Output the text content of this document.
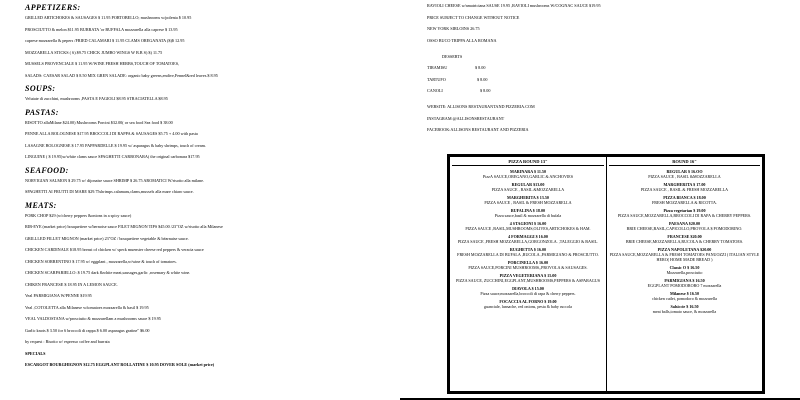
APPETIZERS:

GRILLED ARTICHOKES & SAUSAGES $ 11.95 PORTOBELLO; mushrooms w/polenta $ 10.95

PROSCIUTTO & melon $11.95 BURRATA 'or BUFFALA mozzarella alla caprese $ 13.95

caprese mozzarella & pepers /FRIED CALAMARI $ 11.95 CLAMS OREGANATA ($)$ 12.95

MOZZARELLA STICKS ( 6) $9.75 CHICK JUMBO WINGS W B.B S) $) 11.75

MUSSELS PROVENCIALE $ 11.95 W/WINE FRESH HERBS,TOUCH OF TOMATOES,

SALADS: CAESAR SALAD $ 8.50 MIX GREN SALADE: organic baby greens,endive,Fennel&red leaves.$ 8.95

SOUPS:

Velutate di zucchini, mushrooms ,PASTA E FAGIOLI $8.95 STRACIATELLA $8.95

PASTAS:

RISOTTO allaMilane $24.00) Mushrooms Porcini $32.00( or sea food Sea food $ 38.00

PENNE ALLA BOLOGNESE $17.95 BROCCOLI DI RAPPA & SAUSAGES $5.75 + 4.00 with pasta

LASAGNE BOLOGNESE $ 17.95 PAPPARDELLE $ 19.95 w/ asparagus & baby shrimps, touch of cream.

LINGUINE ( $ 19.95)w/white clams sauce SPAGHETTI CARBONARA( the original carbonara $17.95

SEAFOOD:

NORVIGIAN SALMON $ 29.75 w/ dijonaise sauce SHRIMP $ 26.75 AROMATICI W/risotto alla milane.

SPAGHETTI AI FRUTTI DI MARE $29.75shrimps.calamaru,clams,mussels alla mare chiaro sauce.

MEATS:

PORK CHOP $29 (w/cherry peppers &onions in a spicy sauce)

RIB-EYE (market price) bouquetiere w/bernoise sauce FILET MIGNON TIPS $45.00 /23"OZ w/risotto alla Milanese

GRILLLED FILLET MIGNON (market price) 23"OZ / bouquetiere vegetable & béarnaise sauce.

CHICKEN CARDINALE $18.95 breast of chicken w/ speck muenster cheese red peppers & veracia sauce

CHICKEN SORRENTINO $ 17.95 w/ eggplant , mozzarella,w/wine & touch of tomatoes.

CHICKEN SCARPARIELLO: $ 19.75 dark &white meat,sausages,garlic ,rosemary & white wine.

CHIKEN FRANCESE $ 18.95 IN A LEMON SAUCE.

Veal PARMIGIANA W/PENNE $19.95

Veal ,COTOLETTA alla Milanese w/tomatoes mozzarella & basil $ 19.95

VEAL VALDOSTANA w/prosciutto & mozzarellam a mushrooms sauce $ 19.95

Garlic knots $ 3.50 for 6 broccoli di rappa $ 6.00 asparagus gratine" $6.00

by request : Risotto w/ espresso coffee and burrata

SPECIALS

ESCARGOT BOURGHIGNON $12.75 EGGPLANT ROLLATINE $ 10.95 DOVER SOLE (market price)

RAVIOLI CHEESE w/amatriciana SAUSE 19.95 ,RAVIOLI mushrooms W/COGNAC SAUCE $19.95

PRICE SUBJECT TO CHANGE WITHOUT NOTICE

NEW YORK SIRLOINS 26.75

OSSO BUCO TRIPPA ALLA ROMANA

DESSERTS

TIRAMISU	$ 8.00

TARTUFO	$ 8.00

CANOLI	$ 8.00

WEBSITE: ALLISONS RESTAURANTAND PIZZERIA.COM

INSTAGRAM:@ALLISONSRESTAURANT

FACEBOOK:ALLISONS RESTAURANT AND PIZZERIA

PIZZA ROUND 13"

MARINARA $ 11.50

PizzA SAUCE,OREGANO,GARLIC & ANCHOVIES

REGULAR $13.00

PIZZA SAUCE , BASIL &MOZZARELLA

MARGHERITA $ 13.50

PIZZA SAUCE , BASIL & FRESH MOZZARELLA

BUFALINA $ 18.00

Pizza sauce,basil & mozzarella di bufala

4 STAGIONI $ 16.00

PIZZA SAUCE ,BASIL,MUSHROOMS,OLIVES,ARTICHOKES & HAM.

4 FORMAGGI $ 16.00

PIZZA SAUCE ,FRESH MOZZARELLA,GORGONZOLA. ,TALEGGIO & BASIL.

RUGHETTA $ 16.00

FRESH MOZZARELLA DI BUFALA ,RUCOLA.,PARMIGIANO & PROSCIUTTO.

PORCINELLA $ 16.00

PIZZA SAUCE,PORCINI MUSHROOMS,,PROVOLA & SAUSAGES.

PIZZA VEGETERIANA $ 15.00

PIZZA SAUCE, ZUCCHINI,EGGPLANT,MUSHROOMS,PEPPERS & ASPARAGUS

DIAVOLA $ 15.00

Pizza sauce,mozzarella,broccoli di rapa & cherry peppers.

FOCACCIA AL FORNO $ 19.00

guanciale, lunsache, red onions, pesta & baby ruccola

ROUND 16"

REGULAR $ 16.OO

PIZZA SAUCE , BASIL &MOZZARELLA

MARGHERITA $ 17.00

PIZZA SAUCE , BASIL & FRESH MOZZARELLA

PIZZA BIANCA $ 18.00

FRESH MOZZARELLA & RICOTTA.

Pizza vegetarian $ 19.00

PIZZA SAUCE,MOZZARELLA,BROCCOLI DI RAPA & CHERRY PEPPERS.

PAESANA $20.00

BRIE CHEESE,BASIL,CAPICOLLO,PROVOLA $ POMODORINO.

FRANCESE $20.00

BRIE CHEESE,MOZZARELLA,RUCOLA & CHERRY TOMATOES.

PIZZA NAPOLETANA $20.00

PIZZA SAUCE,MOZZARELLA & FRESH TOMATOES PANUOZZI ( ITALIAN STYLE HERO( HOME MADE BREAD )

Classic O $ 16.50

Mozzarella,prosciutto

PARMIGIANA $ 16.50

EGGPLANT POMODORORO 7 mozzarella

Milanese $ 16.50

chicken cutlet, pomodoro & mozzarella

Salsiccie $ 16.50

meat balls,tomato sauce, & mozzarella
